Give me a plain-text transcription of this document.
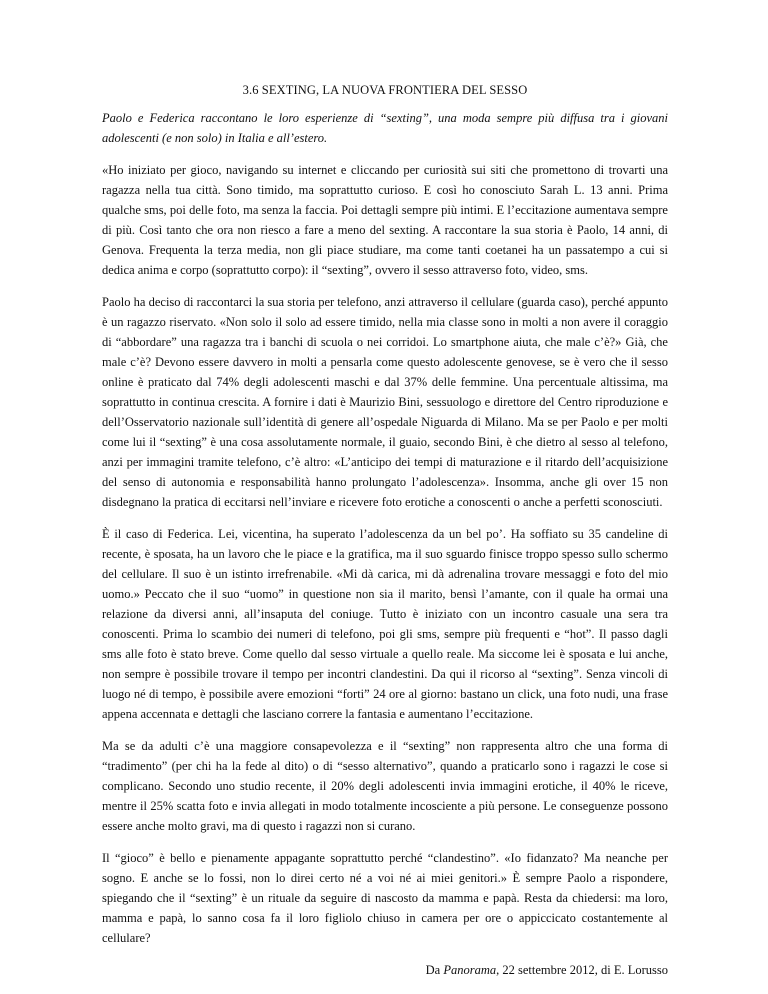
3.6 SEXTING, LA NUOVA FRONTIERA DEL SESSO

Paolo e Federica raccontano le loro esperienze di “sexting”, una moda sempre più diffusa tra i giovani adolescenti (e non solo) in Italia e all’estero.

«Ho iniziato per gioco, navigando su internet e cliccando per curiosità sui siti che promettono di trovarti una ragazza nella tua città. Sono timido, ma soprattutto curioso. E così ho conosciuto Sarah L. 13 anni. Prima qualche sms, poi delle foto, ma senza la faccia. Poi dettagli sempre più intimi. E l’eccitazione aumentava sempre di più. Così tanto che ora non riesco a fare a meno del sexting. A raccontare la sua storia è Paolo, 14 anni, di Genova. Frequenta la terza media, non gli piace studiare, ma come tanti coetanei ha un passatempo a cui si dedica anima e corpo (soprattutto corpo): il “sexting”, ovvero il sesso attraverso foto, video, sms.

Paolo ha deciso di raccontarci la sua storia per telefono, anzi attraverso il cellulare (guarda caso), perché appunto è un ragazzo riservato. «Non solo il solo ad essere timido, nella mia classe sono in molti a non avere il coraggio di “abbordare” una ragazza tra i banchi di scuola o nei corridoi. Lo smartphone aiuta, che male c’è?» Già, che male c’è? Devono essere davvero in molti a pensarla come questo adolescente genovese, se è vero che il sesso online è praticato dal 74% degli adolescenti maschi e dal 37% delle femmine. Una percentuale altissima, ma soprattutto in continua crescita. A fornire i dati è Maurizio Bini, sessuologo e direttore del Centro riproduzione e dell’Osservatorio nazionale sull’identità di genere all’ospedale Niguarda di Milano. Ma se per Paolo e per molti come lui il “sexting” è una cosa assolutamente normale, il guaio, secondo Bini, è che dietro al sesso al telefono, anzi per immagini tramite telefono, c’è altro: «L’anticipo dei tempi di maturazione e il ritardo dell’acquisizione del senso di autonomia e responsabilità hanno prolungato l’adolescenza». Insomma, anche gli over 15 non disdegnano la pratica di eccitarsi nell’inviare e ricevere foto erotiche a conoscenti o anche a perfetti sconosciuti.

È il caso di Federica. Lei, vicentina, ha superato l’adolescenza da un bel po’. Ha soffiato su 35 candeline di recente, è sposata, ha un lavoro che le piace e la gratifica, ma il suo sguardo finisce troppo spesso sullo schermo del cellulare. Il suo è un istinto irrefrenabile. «Mi dà carica, mi dà adrenalina trovare messaggi e foto del mio uomo.» Peccato che il suo “uomo” in questione non sia il marito, bensì l’amante, con il quale ha ormai una relazione da diversi anni, all’insaputa del coniuge. Tutto è iniziato con un incontro casuale una sera tra conoscenti. Prima lo scambio dei numeri di telefono, poi gli sms, sempre più frequenti e “hot”. Il passo dagli sms alle foto è stato breve. Come quello dal sesso virtuale a quello reale. Ma siccome lei è sposata e lui anche, non sempre è possibile trovare il tempo per incontri clandestini. Da qui il ricorso al “sexting”. Senza vincoli di luogo né di tempo, è possibile avere emozioni “forti” 24 ore al giorno: bastano un click, una foto nudi, una frase appena accennata e dettagli che lasciano correre la fantasia e aumentano l’eccitazione.

Ma se da adulti c’è una maggiore consapevolezza e il “sexting” non rappresenta altro che una forma di “tradimento” (per chi ha la fede al dito) o di “sesso alternativo”, quando a praticarlo sono i ragazzi le cose si complicano. Secondo uno studio recente, il 20% degli adolescenti invia immagini erotiche, il 40% le riceve, mentre il 25% scatta foto e invia allegati in modo totalmente incosciente a più persone. Le conseguenze possono essere anche molto gravi, ma di questo i ragazzi non si curano.

Il “gioco” è bello e pienamente appagante soprattutto perché “clandestino”. «Io fidanzato? Ma neanche per sogno. E anche se lo fossi, non lo direi certo né a voi né ai miei genitori.» È sempre Paolo a rispondere, spiegando che il “sexting” è un rituale da seguire di nascosto da mamma e papà. Resta da chiedersi: ma loro, mamma e papà, lo sanno cosa fa il loro figliolo chiuso in camera per ore o appiccicato costantemente al cellulare?

Da Panorama, 22 settembre 2012, di E. Lorusso
